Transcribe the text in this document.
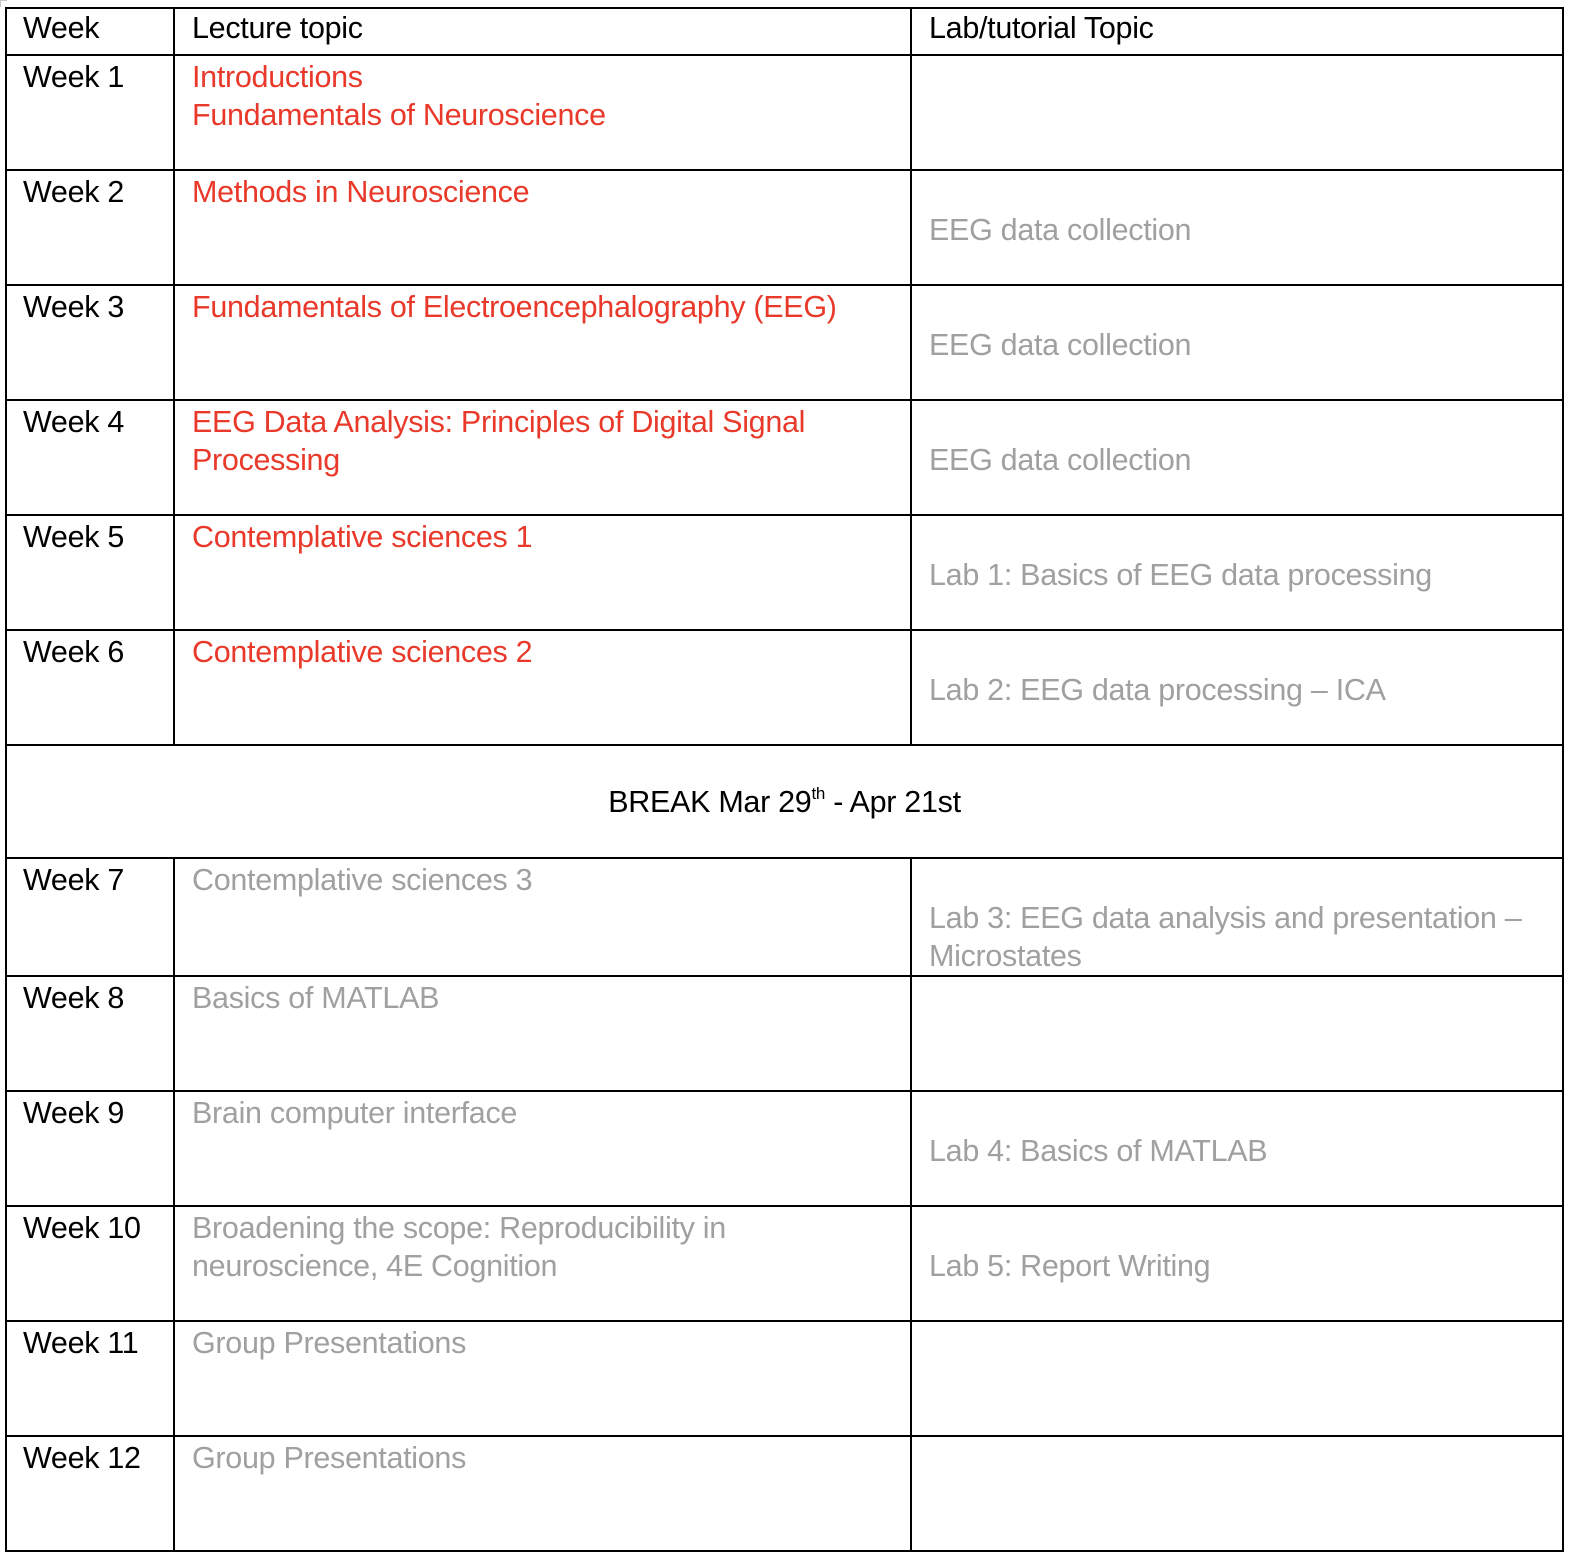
Week	Lecture topic	Lab/tutorial Topic
Week 1	Introductions
Fundamentals of Neuroscience	

Week 2	Methods in Neuroscience	EEG data collection

Week 3	Fundamentals of Electroencephalography (EEG)	EEG data collection

Week 4	EEG Data Analysis: Principles of Digital Signal Processing	EEG data collection

Week 5	Contemplative sciences 1	Lab 1: Basics of EEG data processing

Week 6	Contemplative sciences 2	Lab 2: EEG data processing – ICA

BREAK Mar 29th - Apr 21st		
Week 7	Contemplative sciences 3	Lab 3: EEG data analysis and presentation – Microstates

Week 8	Basics of MATLAB	

Week 9	Brain computer interface	Lab 4: Basics of MATLAB

Week 10	Broadening the scope: Reproducibility in neuroscience, 4E Cognition	Lab 5: Report Writing

Week 11	Group Presentations	

Week 12	Group Presentations	
